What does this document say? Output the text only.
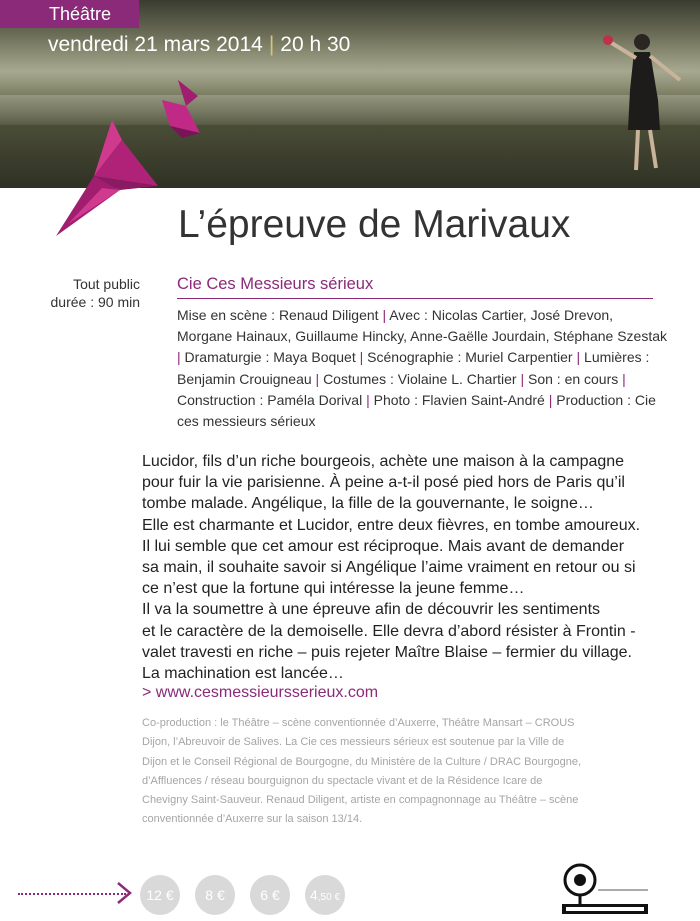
Théâtre
vendredi 21 mars 2014 | 20 h 30
L’épreuve de Marivaux
Tout public
durée : 90 min
Cie Ces Messieurs sérieux
Mise en scène : Renaud Diligent | Avec : Nicolas Cartier, José Drevon, Morgane Hainaux, Guillaume Hincky, Anne-Gaëlle Jourdain, Stéphane Szestak | Dramaturgie : Maya Boquet | Scénographie : Muriel Carpentier | Lumières : Benjamin Crouigneau | Costumes : Violaine L. Chartier | Son : en cours | Construction : Paméla Dorival | Photo : Flavien Saint-André | Production : Cie ces messieurs sérieux

Lucidor, fils d’un riche bourgeois, achète une maison à la campagne

pour fuir la vie parisienne. À peine a-t-il posé pied hors de Paris qu’il

tombe malade. Angélique, la fille de la gouvernante, le soigne…

Elle est charmante et Lucidor, entre deux fièvres, en tombe amoureux.

Il lui semble que cet amour est réciproque. Mais avant de demander

sa main, il souhaite savoir si Angélique l’aime vraiment en retour ou si

ce n’est que la fortune qui intéresse la jeune femme…

Il va la soumettre à une épreuve afin de découvrir les sentiments

et le caractère de la demoiselle. Elle devra d’abord résister à Frontin -

valet travesti en riche – puis rejeter Maître Blaise – fermier du village.

La machination est lancée…

> www.cesmessieursserieux.com

Co-production : le Théâtre – scène conventionnée d’Auxerre, Théâtre Mansart – CROUS

Dijon, l’Abreuvoir de Salives. La Cie ces messieurs sérieux est soutenue par la Ville de

Dijon et le Conseil Régional de Bourgogne, du Ministère de la Culture / DRAC Bourgogne,

d’Affluences / réseau bourguignon du spectacle vivant et de la Résidence Icare de

Chevigny Saint-Sauveur. Renaud Diligent, artiste en compagnonnage au Théâtre – scène

conventionnée d’Auxerre sur la saison 13/14.

12 €	8 €	6 €	4,50 €
